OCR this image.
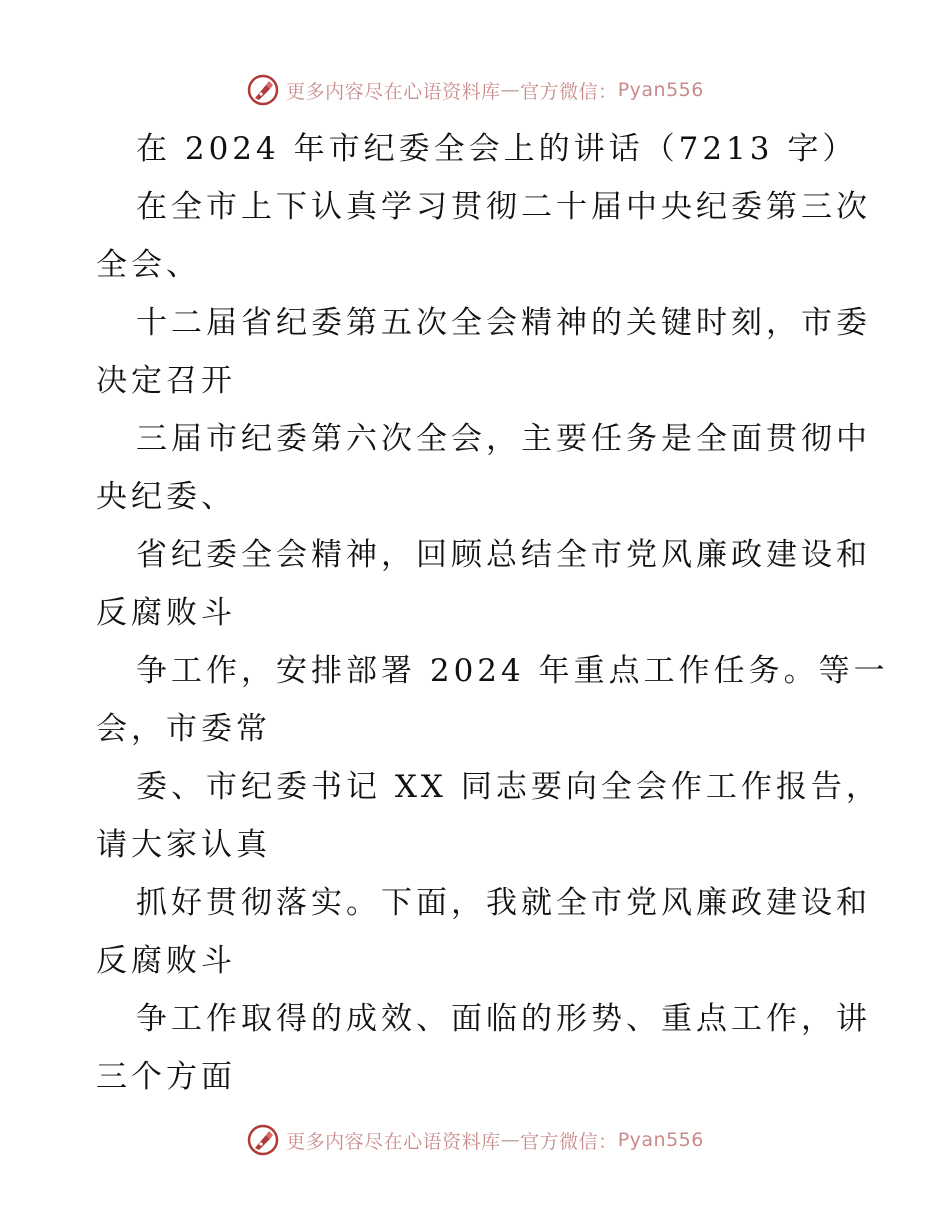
更多内容尽在心语资料库 — 官方微信： Pyan556
在 2024 年市纪委全会上的讲话（7213 字）
在全市上下认真学习贯彻二十届中央纪委第三次
全会、
十二届省纪委第五次全会精神的关键时刻，市委
决定召开
三届市纪委第六次全会，主要任务是全面贯彻中
央纪委、
省纪委全会精神，回顾总结全市党风廉政建设和
反腐败斗
争工作，安排部署 2024 年重点工作任务。等一
会，市委常
委、市纪委书记 XX 同志要向全会作工作报告，
请大家认真
抓好贯彻落实。下面，我就全市党风廉政建设和
反腐败斗
争工作取得的成效、面临的形势、重点工作，讲
三个方面
更多内容尽在心语资料库 — 官方微信： Pyan556
